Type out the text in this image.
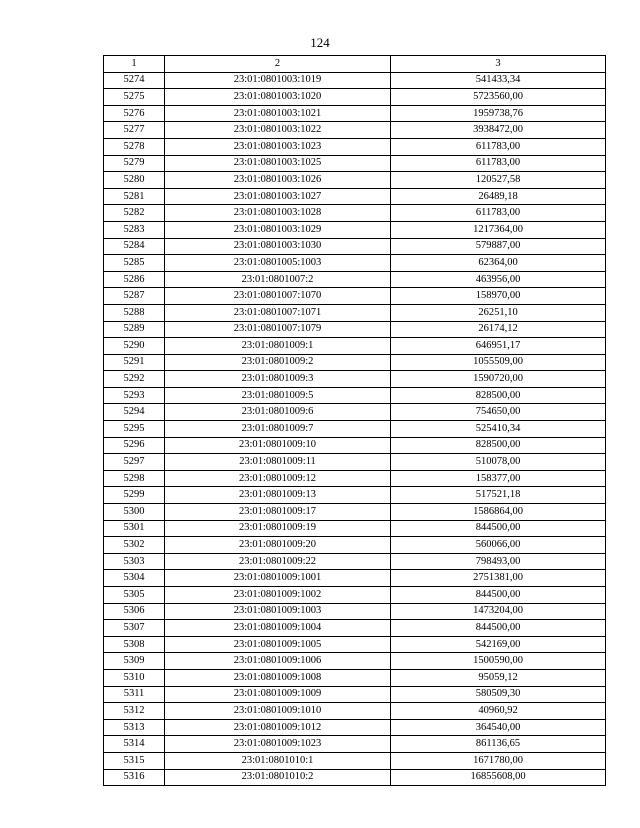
124
1	2	3
5274	23:01:0801003:1019	541433,34
5275	23:01:0801003:1020	5723560,00
5276	23:01:0801003:1021	1959738,76
5277	23:01:0801003:1022	3938472,00
5278	23:01:0801003:1023	611783,00
5279	23:01:0801003:1025	611783,00
5280	23:01:0801003:1026	120527,58
5281	23:01:0801003:1027	26489,18
5282	23:01:0801003:1028	611783,00
5283	23:01:0801003:1029	1217364,00
5284	23:01:0801003:1030	579887,00
5285	23:01:0801005:1003	62364,00
5286	23:01:0801007:2	463956,00
5287	23:01:0801007:1070	158970,00
5288	23:01:0801007:1071	26251,10
5289	23:01:0801007:1079	26174,12
5290	23:01:0801009:1	646951,17
5291	23:01:0801009:2	1055509,00
5292	23:01:0801009:3	1590720,00
5293	23:01:0801009:5	828500,00
5294	23:01:0801009:6	754650,00
5295	23:01:0801009:7	525410,34
5296	23:01:0801009:10	828500,00
5297	23:01:0801009:11	510078,00
5298	23:01:0801009:12	158377,00
5299	23:01:0801009:13	517521,18
5300	23:01:0801009:17	1586864,00
5301	23:01:0801009:19	844500,00
5302	23:01:0801009:20	560066,00
5303	23:01:0801009:22	798493,00
5304	23:01:0801009:1001	2751381,00
5305	23:01:0801009:1002	844500,00
5306	23:01:0801009:1003	1473204,00
5307	23:01:0801009:1004	844500,00
5308	23:01:0801009:1005	542169,00
5309	23:01:0801009:1006	1500590,00
5310	23:01:0801009:1008	95059,12
5311	23:01:0801009:1009	580509,30
5312	23:01:0801009:1010	40960,92
5313	23:01:0801009:1012	364540,00
5314	23:01:0801009:1023	861136,65
5315	23:01:0801010:1	1671780,00
5316	23:01:0801010:2	16855608,00
